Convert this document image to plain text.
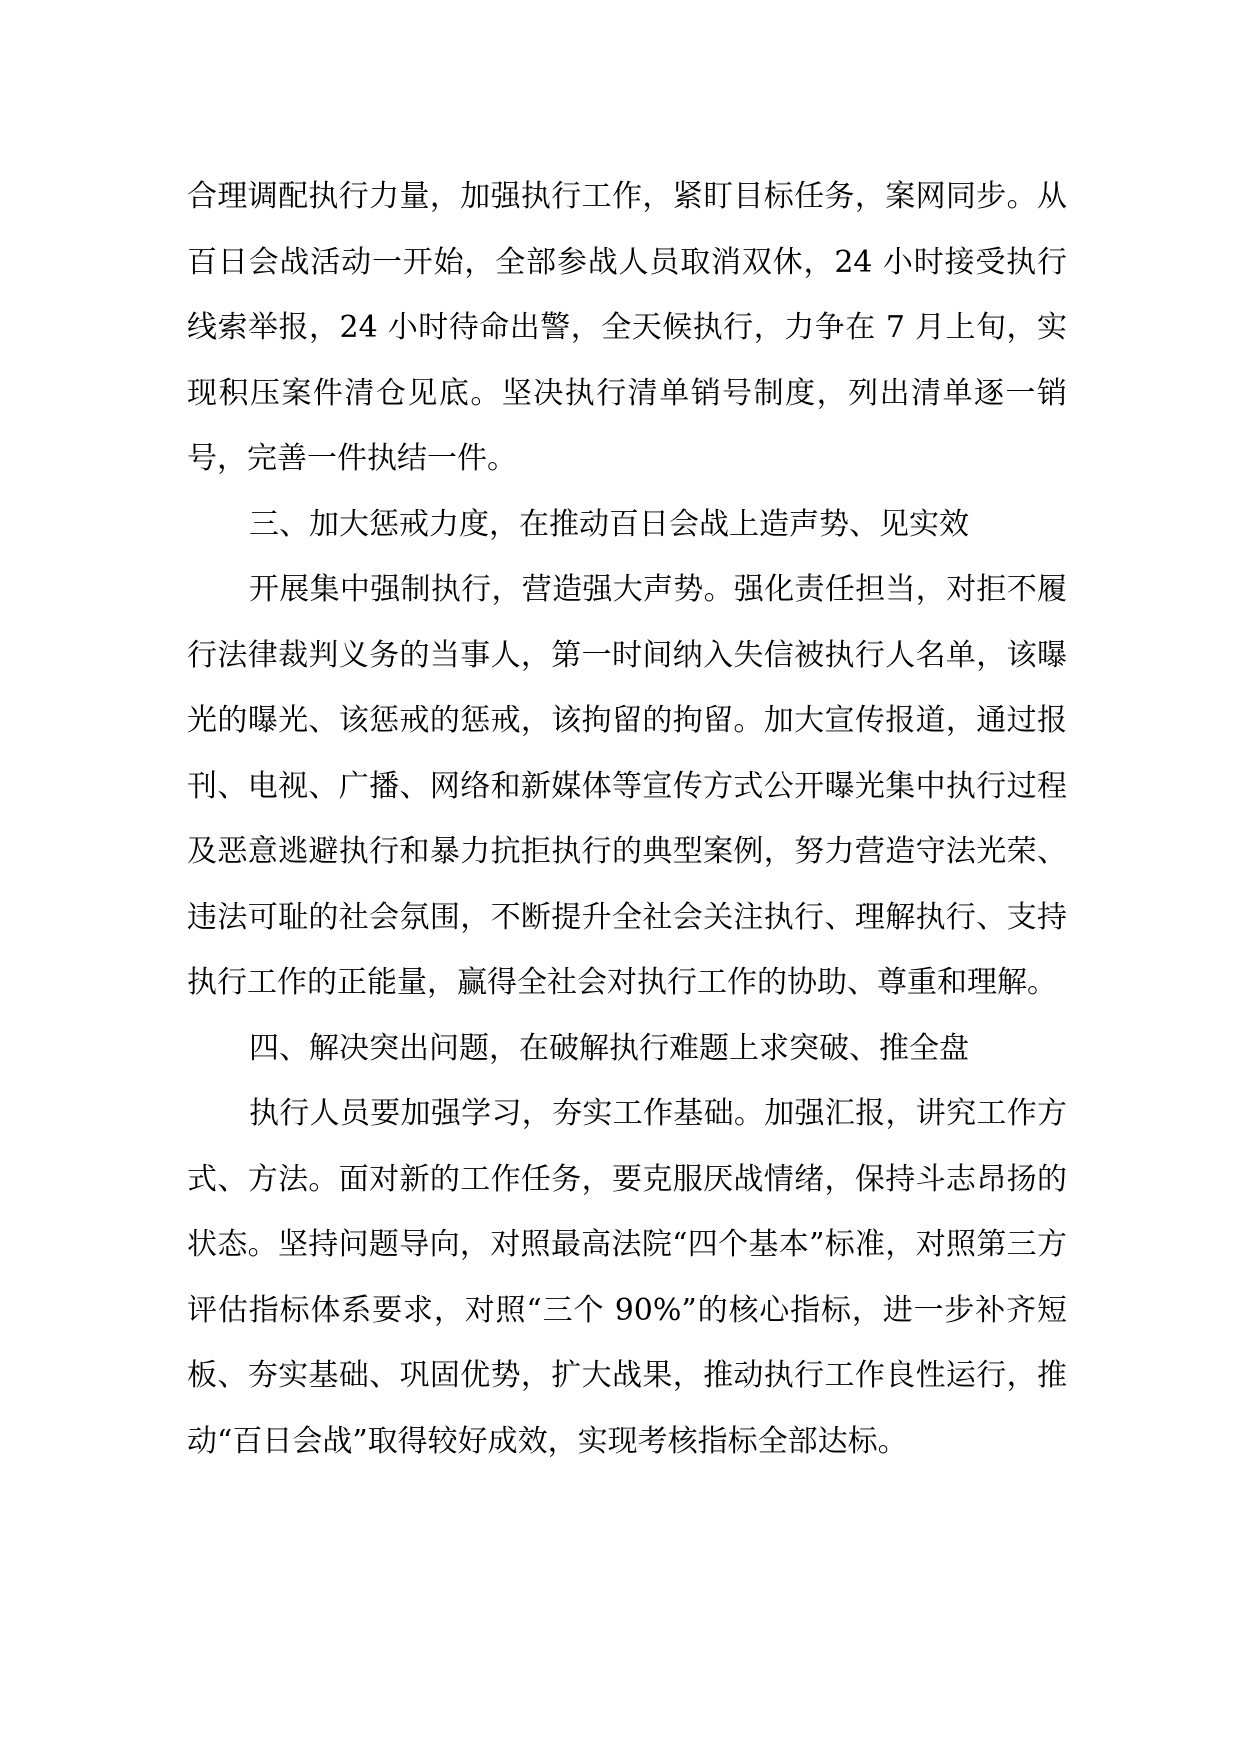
合理调配执行力量，加强执行工作，紧盯目标任务，案网同步。从百日会战活动一开始，全部参战人员取消双休，24 小时接受执行线索举报，24 小时待命出警，全天候执行，力争在 7 月上旬，实现积压案件清仓见底。坚决执行清单销号制度，列出清单逐一销号，完善一件执结一件。

三、加大惩戒力度，在推动百日会战上造声势、见实效

开展集中强制执行，营造强大声势。强化责任担当，对拒不履行法律裁判义务的当事人，第一时间纳入失信被执行人名单，该曝光的曝光、该惩戒的惩戒，该拘留的拘留。加大宣传报道，通过报刊、电视、广播、网络和新媒体等宣传方式公开曝光集中执行过程及恶意逃避执行和暴力抗拒执行的典型案例，努力营造守法光荣、违法可耻的社会氛围，不断提升全社会关注执行、理解执行、支持执行工作的正能量，赢得全社会对执行工作的协助、尊重和理解。

四、解决突出问题，在破解执行难题上求突破、推全盘

执行人员要加强学习，夯实工作基础。加强汇报，讲究工作方式、方法。面对新的工作任务，要克服厌战情绪，保持斗志昂扬的状态。坚持问题导向，对照最高法院“四个基本”标准，对照第三方评估指标体系要求，对照“三个 90%”的核心指标，进一步补齐短板、夯实基础、巩固优势，扩大战果，推动执行工作良性运行，推动“百日会战”取得较好成效，实现考核指标全部达标。
